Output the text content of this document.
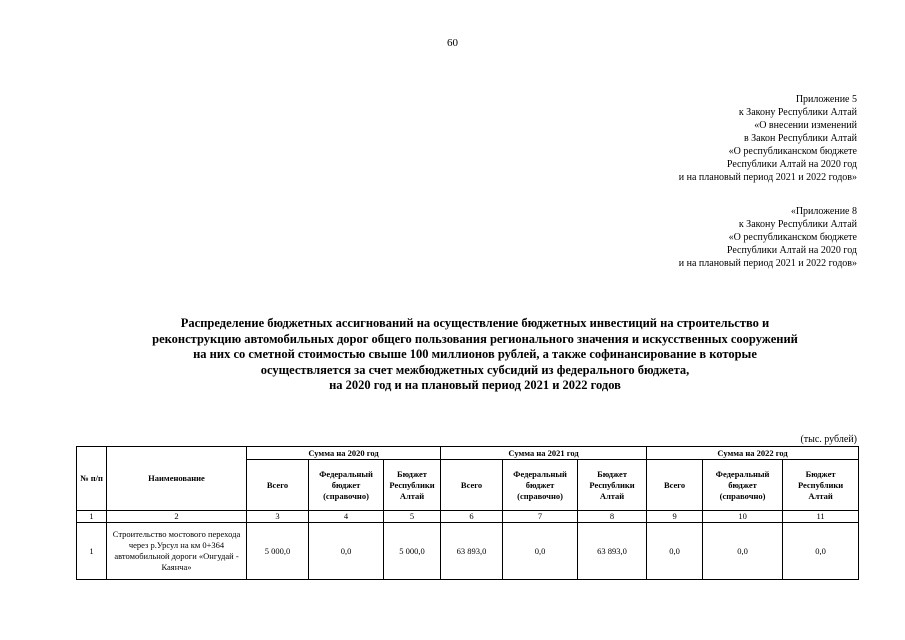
60
Приложение 5
к Закону Республики Алтай
«О внесении изменений
в Закон Республики Алтай
«О республиканском бюджете
Республики Алтай на 2020 год
и на плановый период 2021 и 2022 годов»
«Приложение 8
к Закону Республики Алтай
«О республиканском бюджете
Республики Алтай на 2020 год
и на плановый период 2021 и 2022 годов»
Распределение бюджетных ассигнований на осуществление бюджетных инвестиций на строительство и
реконструкцию автомобильных дорог общего пользования регионального значения и искусственных сооружений
на них со сметной стоимостью свыше 100 миллионов рублей, а также софинансирование в которые
осуществляется за счет межбюджетных субсидий из федерального бюджета,
на 2020 год и на плановый период 2021 и 2022 годов
(тыс. рублей)
№ п/п	Наименование	Сумма на 2020 год			Сумма на 2021 год			Сумма на 2022 год		
		Всего	Федеральный бюджет (справочно)	Бюджет Республики Алтай	Всего	Федеральный бюджет (справочно)	Бюджет Республики Алтай	Всего	Федеральный бюджет (справочно)	Бюджет Республики Алтай
1	2	3	4	5	6	7	8	9	10	11
1	Строительство мостового перехода через р.Урсул на км 0+364 автомобильной дороги «Онгудай - Каянча»	5 000,0	0,0	5 000,0	63 893,0	0,0	63 893,0	0,0	0,0	0,0
